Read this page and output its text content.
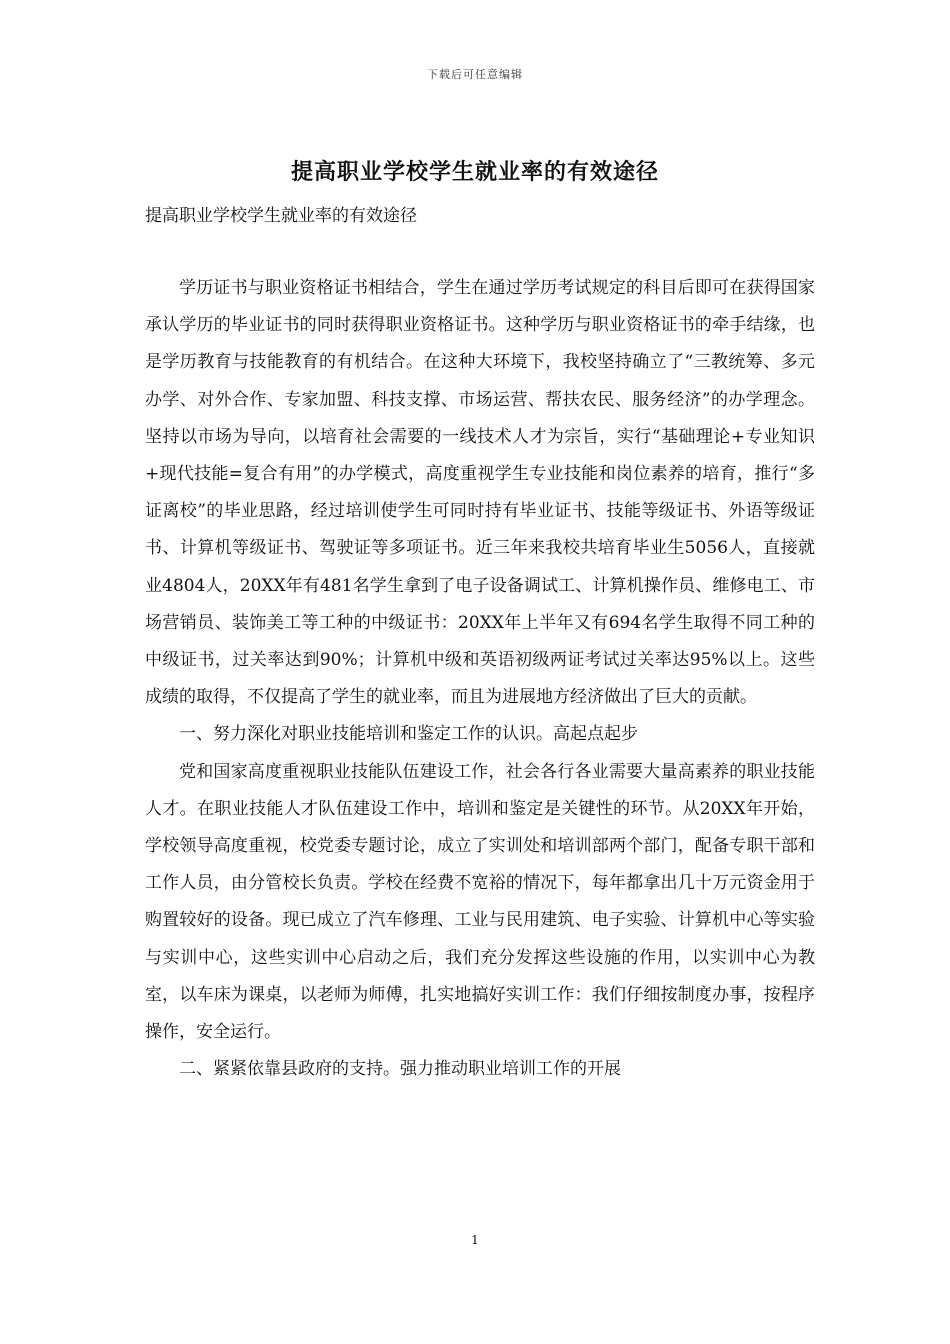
下载后可任意编辑
提高职业学校学生就业率的有效途径
提高职业学校学生就业率的有效途径

学历证书与职业资格证书相结合，学生在通过学历考试规定的科目后即可在获得国家承认学历的毕业证书的同时获得职业资格证书。这种学历与职业资格证书的牵手结缘，也是学历教育与技能教育的有机结合。在这种大环境下，我校坚持确立了“三教统筹、多元办学、对外合作、专家加盟、科技支撑、市场运营、帮扶农民、服务经济”的办学理念。坚持以市场为导向，以培育社会需要的一线技术人才为宗旨，实行“基础理论+专业知识+现代技能=复合有用”的办学模式，高度重视学生专业技能和岗位素养的培育，推行“多证离校”的毕业思路，经过培训使学生可同时持有毕业证书、技能等级证书、外语等级证书、计算机等级证书、驾驶证等多项证书。近三年来我校共培育毕业生5056人，直接就业4804人，20XX年有481名学生拿到了电子设备调试工、计算机操作员、维修电工、市场营销员、装饰美工等工种的中级证书：20XX年上半年又有694名学生取得不同工种的中级证书，过关率达到90%；计算机中级和英语初级两证考试过关率达95%以上。这些成绩的取得，不仅提高了学生的就业率，而且为进展地方经济做出了巨大的贡献。

一、努力深化对职业技能培训和鉴定工作的认识。高起点起步

党和国家高度重视职业技能队伍建设工作，社会各行各业需要大量高素养的职业技能人才。在职业技能人才队伍建设工作中，培训和鉴定是关键性的环节。从20XX年开始，学校领导高度重视，校党委专题讨论，成立了实训处和培训部两个部门，配备专职干部和工作人员，由分管校长负责。学校在经费不宽裕的情况下，每年都拿出几十万元资金用于购置较好的设备。现已成立了汽车修理、工业与民用建筑、电子实验、计算机中心等实验与实训中心，这些实训中心启动之后，我们充分发挥这些设施的作用，以实训中心为教室，以车床为课桌，以老师为师傅，扎实地搞好实训工作：我们仔细按制度办事，按程序操作，安全运行。

二、紧紧依靠县政府的支持。强力推动职业培训工作的开展

1
